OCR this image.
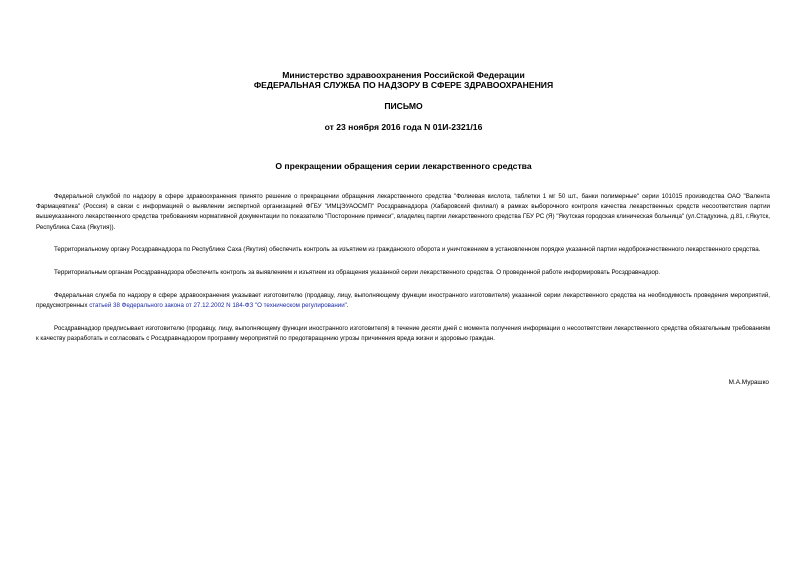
Министерство здравоохранения Российской Федерации
ФЕДЕРАЛЬНАЯ СЛУЖБА ПО НАДЗОРУ В СФЕРЕ ЗДРАВООХРАНЕНИЯ
ПИСЬМО
от 23 ноября 2016 года N 01И-2321/16
О прекращении обращения серии лекарственного средства

Федеральной службой по надзору в сфере здравоохранения принято решение о прекращении обращения лекарственного средства "Фолиевая кислота, таблетки 1 мг 50 шт., банки полимерные" серии 101015 производства ОАО "Валента Фармацевтика" (Россия) в связи с информацией о выявлении экспертной организацией ФГБУ "ИМЦЭУАОСМП" Росздравнадзора (Хабаровский филиал) в рамках выборочного контроля качества лекарственных средств несоответствия партии вышеуказанного лекарственного средства требованиям нормативной документации по показателю "Посторонние примеси", владелец партии лекарственного средства ГБУ РС (Я) "Якутская городская клиническая больница" (ул.Стадухина, д.81, г.Якутск, Республика Саха (Якутия)).

Территориальному органу Росздравнадзора по Республике Саха (Якутия) обеспечить контроль за изъятием из гражданского оборота и уничтожением в установленном порядке указанной партии недоброкачественного лекарственного средства.

Территориальным органам Росздравнадзора обеспечить контроль за выявлением и изъятием из обращения указанной серии лекарственного средства. О проведенной работе информировать Росздравнадзор.

Федеральная служба по надзору в сфере здравоохранения указывает изготовителю (продавцу, лицу, выполняющему функции иностранного изготовителя) указанной серии лекарственного средства на необходимость проведения мероприятий, предусмотренных статьей 38 Федерального закона от 27.12.2002 N 184-ФЗ "О техническом регулировании".

Росздравнадзор предписывает изготовителю (продавцу, лицу, выполняющему функции иностранного изготовителя) в течение десяти дней с момента получения информации о несоответствии лекарственного средства обязательным требованиям к качеству разработать и согласовать с Росздравнадзором программу мероприятий по предотвращению угрозы причинения вреда жизни и здоровью граждан.

М.А.Мурашко
